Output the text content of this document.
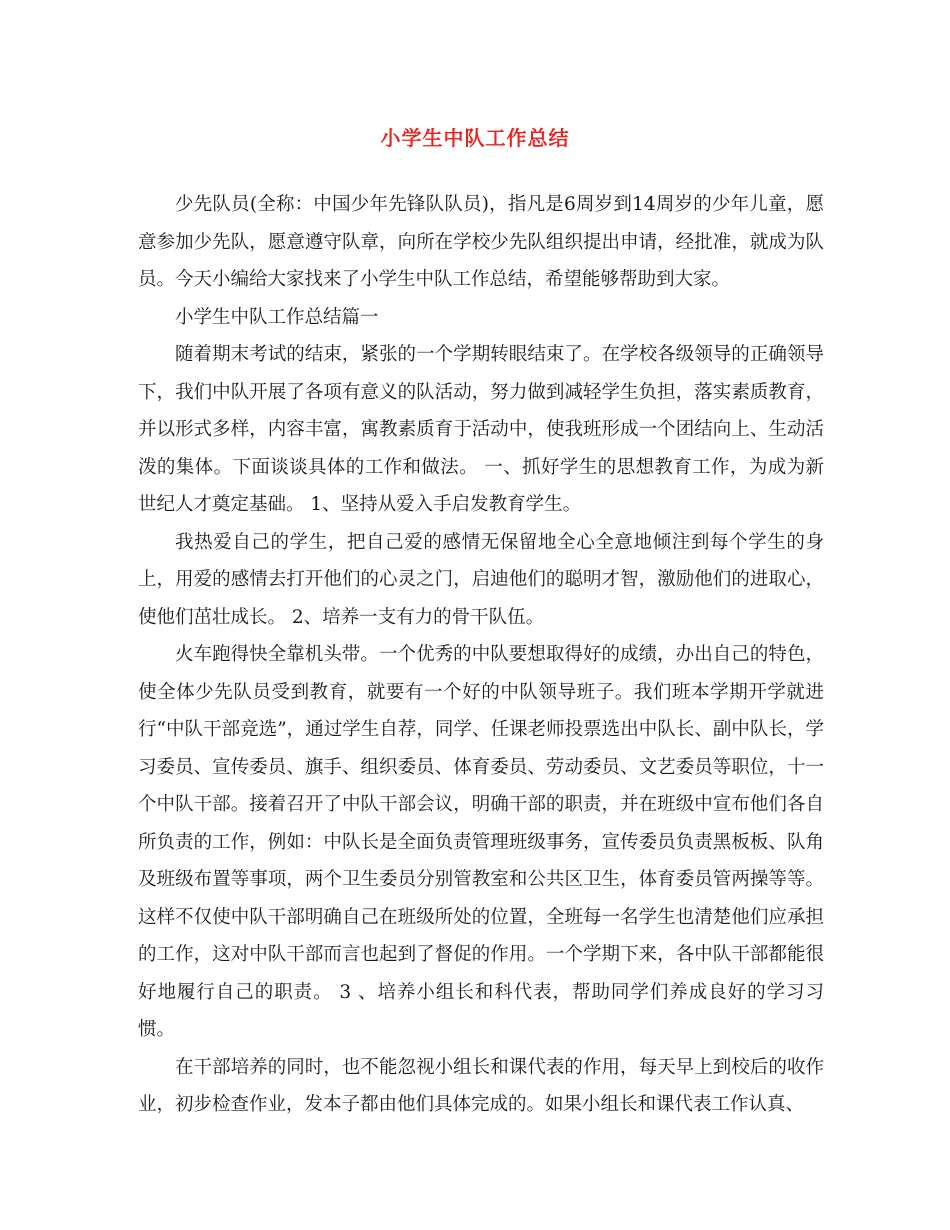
小学生中队工作总结

少先队员(全称：中国少年先锋队队员)，指凡是6周岁到14周岁的少年儿童，愿意参加少先队，愿意遵守队章，向所在学校少先队组织提出申请，经批准，就成为队员。今天小编给大家找来了小学生中队工作总结，希望能够帮助到大家。

小学生中队工作总结篇一

随着期末考试的结束，紧张的一个学期转眼结束了。在学校各级领导的正确领导下，我们中队开展了各项有意义的队活动，努力做到减轻学生负担，落实素质教育，并以形式多样，内容丰富，寓教素质育于活动中，使我班形成一个团结向上、生动活泼的集体。下面谈谈具体的工作和做法。 一、抓好学生的思想教育工作，为成为新世纪人才奠定基础。 1、坚持从爱入手启发教育学生。

我热爱自己的学生，把自己爱的感情无保留地全心全意地倾注到每个学生的身上，用爱的感情去打开他们的心灵之门，启迪他们的聪明才智，激励他们的进取心，使他们茁壮成长。 2、培养一支有力的骨干队伍。

火车跑得快全靠机头带。一个优秀的中队要想取得好的成绩，办出自己的特色，使全体少先队员受到教育，就要有一个好的中队领导班子。我们班本学期开学就进行“中队干部竞选”，通过学生自荐，同学、任课老师投票选出中队长、副中队长，学习委员、宣传委员、旗手、组织委员、体育委员、劳动委员、文艺委员等职位，十一个中队干部。接着召开了中队干部会议，明确干部的职责，并在班级中宣布他们各自所负责的工作，例如：中队长是全面负责管理班级事务，宣传委员负责黑板板、队角及班级布置等事项，两个卫生委员分别管教室和公共区卫生，体育委员管两操等等。这样不仅使中队干部明确自己在班级所处的位置，全班每一名学生也清楚他们应承担的工作，这对中队干部而言也起到了督促的作用。一个学期下来，各中队干部都能很好地履行自己的职责。 3 、培养小组长和科代表，帮助同学们养成良好的学习习惯。

在干部培养的同时，也不能忽视小组长和课代表的作用，每天早上到校后的收作业，初步检查作业，发本子都由他们具体完成的。如果小组长和课代表工作认真、
